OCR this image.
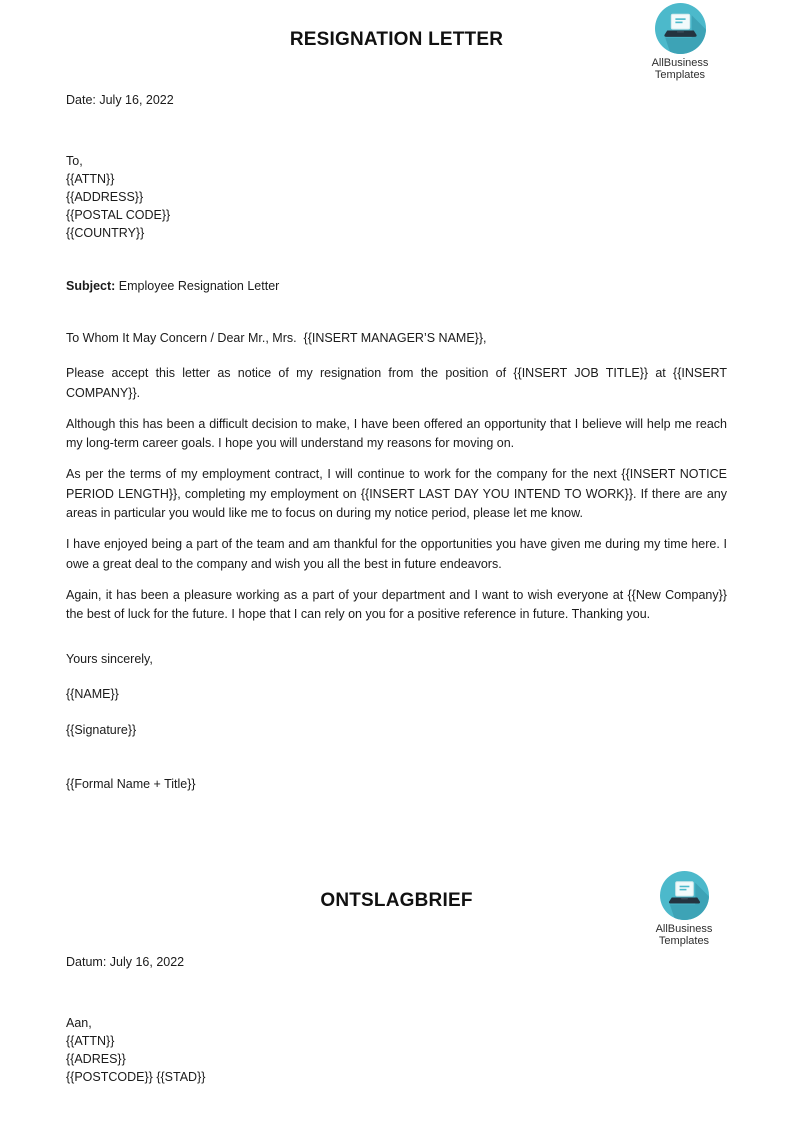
RESIGNATION LETTER
AllBusiness
Templates
Date: July 16, 2022
To,
{{ATTN}}
{{ADDRESS}}
{{POSTAL CODE}}
{{COUNTRY}}
Subject: Employee Resignation Letter
To Whom It May Concern / Dear Mr., Mrs.  {{INSERT MANAGER’S NAME}},

Please accept this letter as notice of my resignation from the position of {{INSERT JOB TITLE}} at {{INSERT COMPANY}}.

Although this has been a difficult decision to make, I have been offered an opportunity that I believe will help me reach my long-term career goals. I hope you will understand my reasons for moving on.

As per the terms of my employment contract, I will continue to work for the company for the next {{INSERT NOTICE PERIOD LENGTH}}, completing my employment on {{INSERT LAST DAY YOU INTEND TO WORK}}. If there are any areas in particular you would like me to focus on during my notice period, please let me know.

I have enjoyed being a part of the team and am thankful for the opportunities you have given me during my time here. I owe a great deal to the company and wish you all the best in future endeavors.

Again, it has been a pleasure working as a part of your department and I want to wish everyone at {{New Company}} the best of luck for the future. I hope that I can rely on you for a positive reference in future. Thanking you.

Yours sincerely,
{{NAME}}
{{Signature}}
{{Formal Name + Title}}
ONTSLAGBRIEF
AllBusiness
Templates
Datum: July 16, 2022
Aan,
{{ATTN}}
{{ADRES}}
{{POSTCODE}} {{STAD}}
